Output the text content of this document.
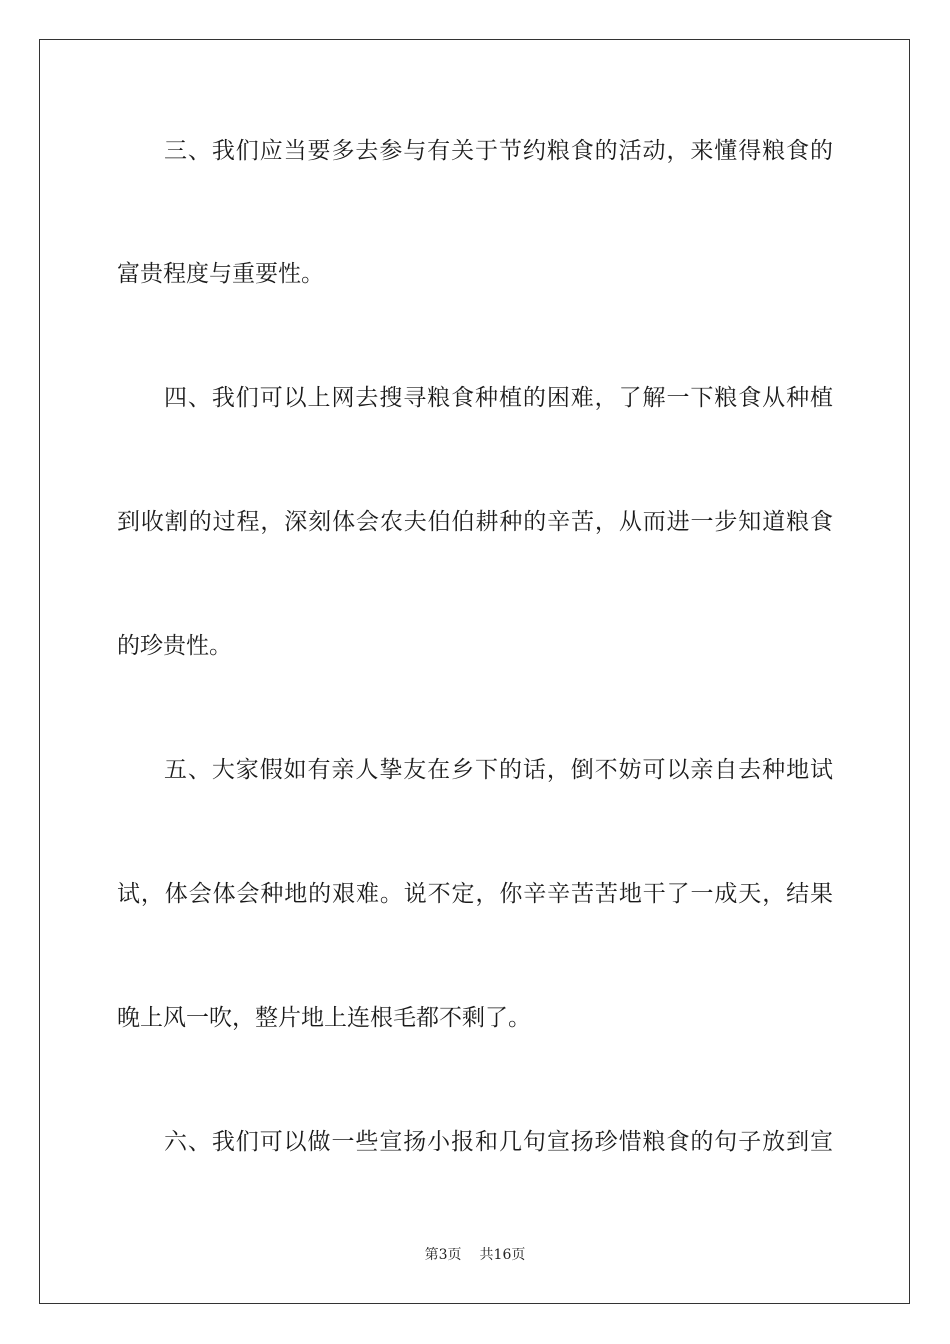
三、我们应当要多去参与有关于节约粮食的活动，来懂得粮食的
富贵程度与重要性。
四、我们可以上网去搜寻粮食种植的困难，了解一下粮食从种植
到收割的过程，深刻体会农夫伯伯耕种的辛苦，从而进一步知道粮食
的珍贵性。
五、大家假如有亲人挚友在乡下的话，倒不妨可以亲自去种地试
试，体会体会种地的艰难。说不定，你辛辛苦苦地干了一成天，结果
晚上风一吹，整片地上连根毛都不剩了。
六、我们可以做一些宣扬小报和几句宣扬珍惜粮食的句子放到宣
第3页 共16页
